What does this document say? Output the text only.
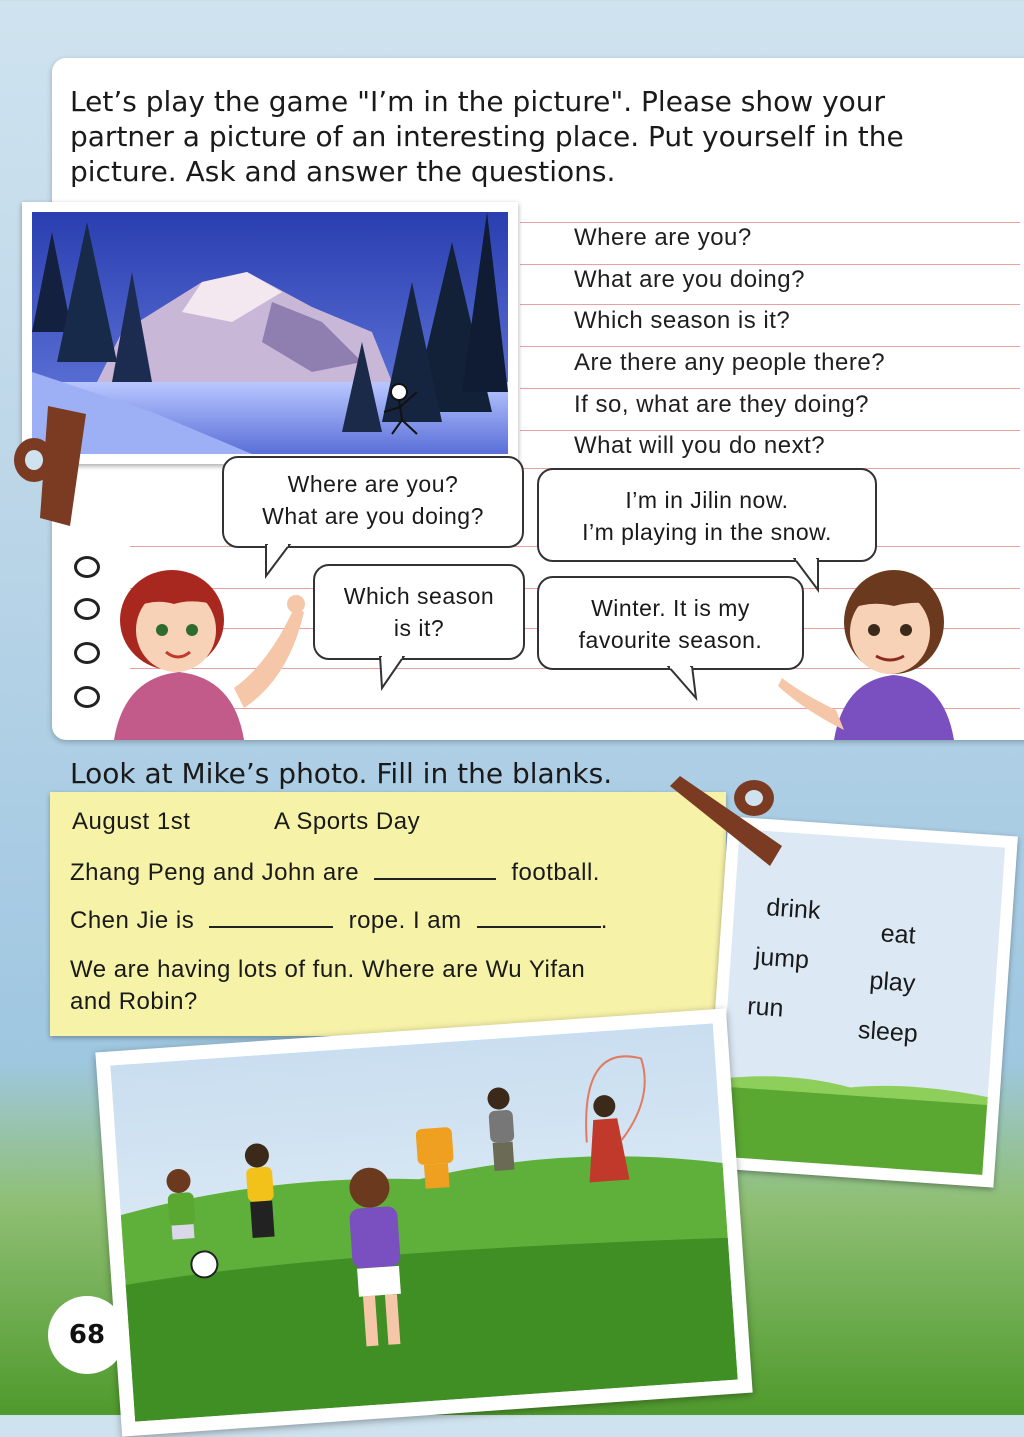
Let’s play the game "I’m in the picture". Please show your partner a picture of an interesting place. Put yourself in the picture. Ask and answer the questions.
Where are you?
What are you doing?
Which season is it?
Are there any people there?
If so, what are they doing?
What will you do next?
Where are you?
What are you doing?
I’m in Jilin now.
I’m playing in the snow.
Which season
is it?
Winter. It is my
favourite season.
Look at Mike’s photo. Fill in the blanks.
August 1st	A Sports Day
Zhang Peng and John are	football.
Chen Jie is	rope. I am	.
We are having lots of fun. Where are Wu Yifan
and Robin?
drink
eat
jump
play
run
sleep
68
